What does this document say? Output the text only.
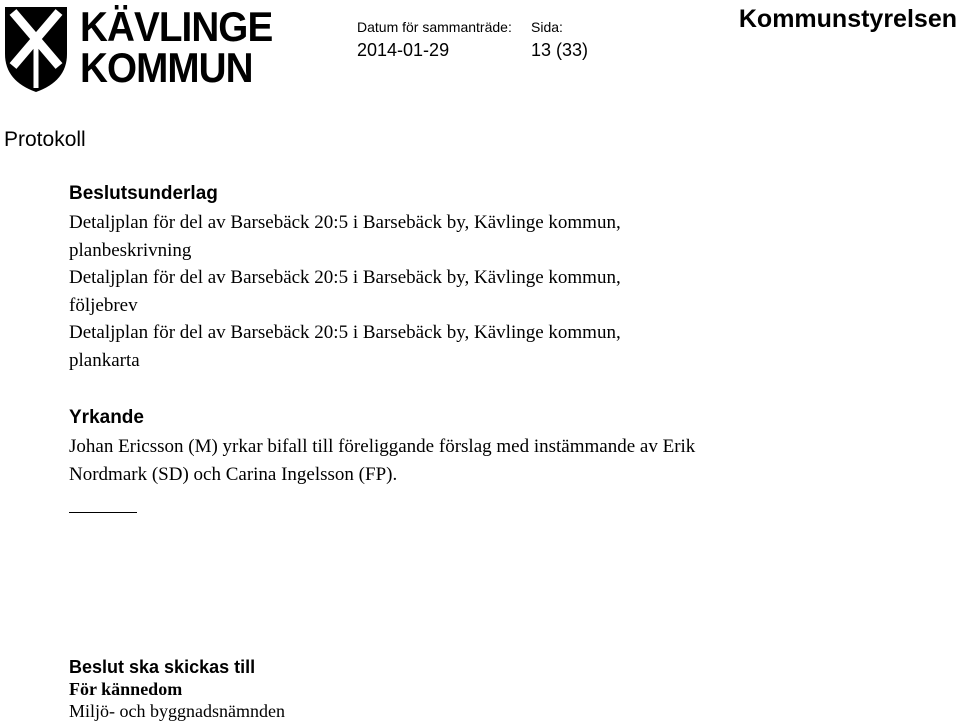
KÄVLINGE
KOMMUN
Datum för sammanträde:
2014-01-29
Sida:
13 (33)
Kommunstyrelsen
Protokoll
Beslutsunderlag

Detaljplan för del av Barsebäck 20:5 i Barsebäck by, Kävlinge kommun,

planbeskrivning

Detaljplan för del av Barsebäck 20:5 i Barsebäck by, Kävlinge kommun,

följebrev

Detaljplan för del av Barsebäck 20:5 i Barsebäck by, Kävlinge kommun,

plankarta

Yrkande

Johan Ericsson (M) yrkar bifall till föreliggande förslag med instämmande av Erik

Nordmark (SD) och Carina Ingelsson (FP).

Beslut ska skickas till

För kännedom

Miljö- och byggnadsnämnden
